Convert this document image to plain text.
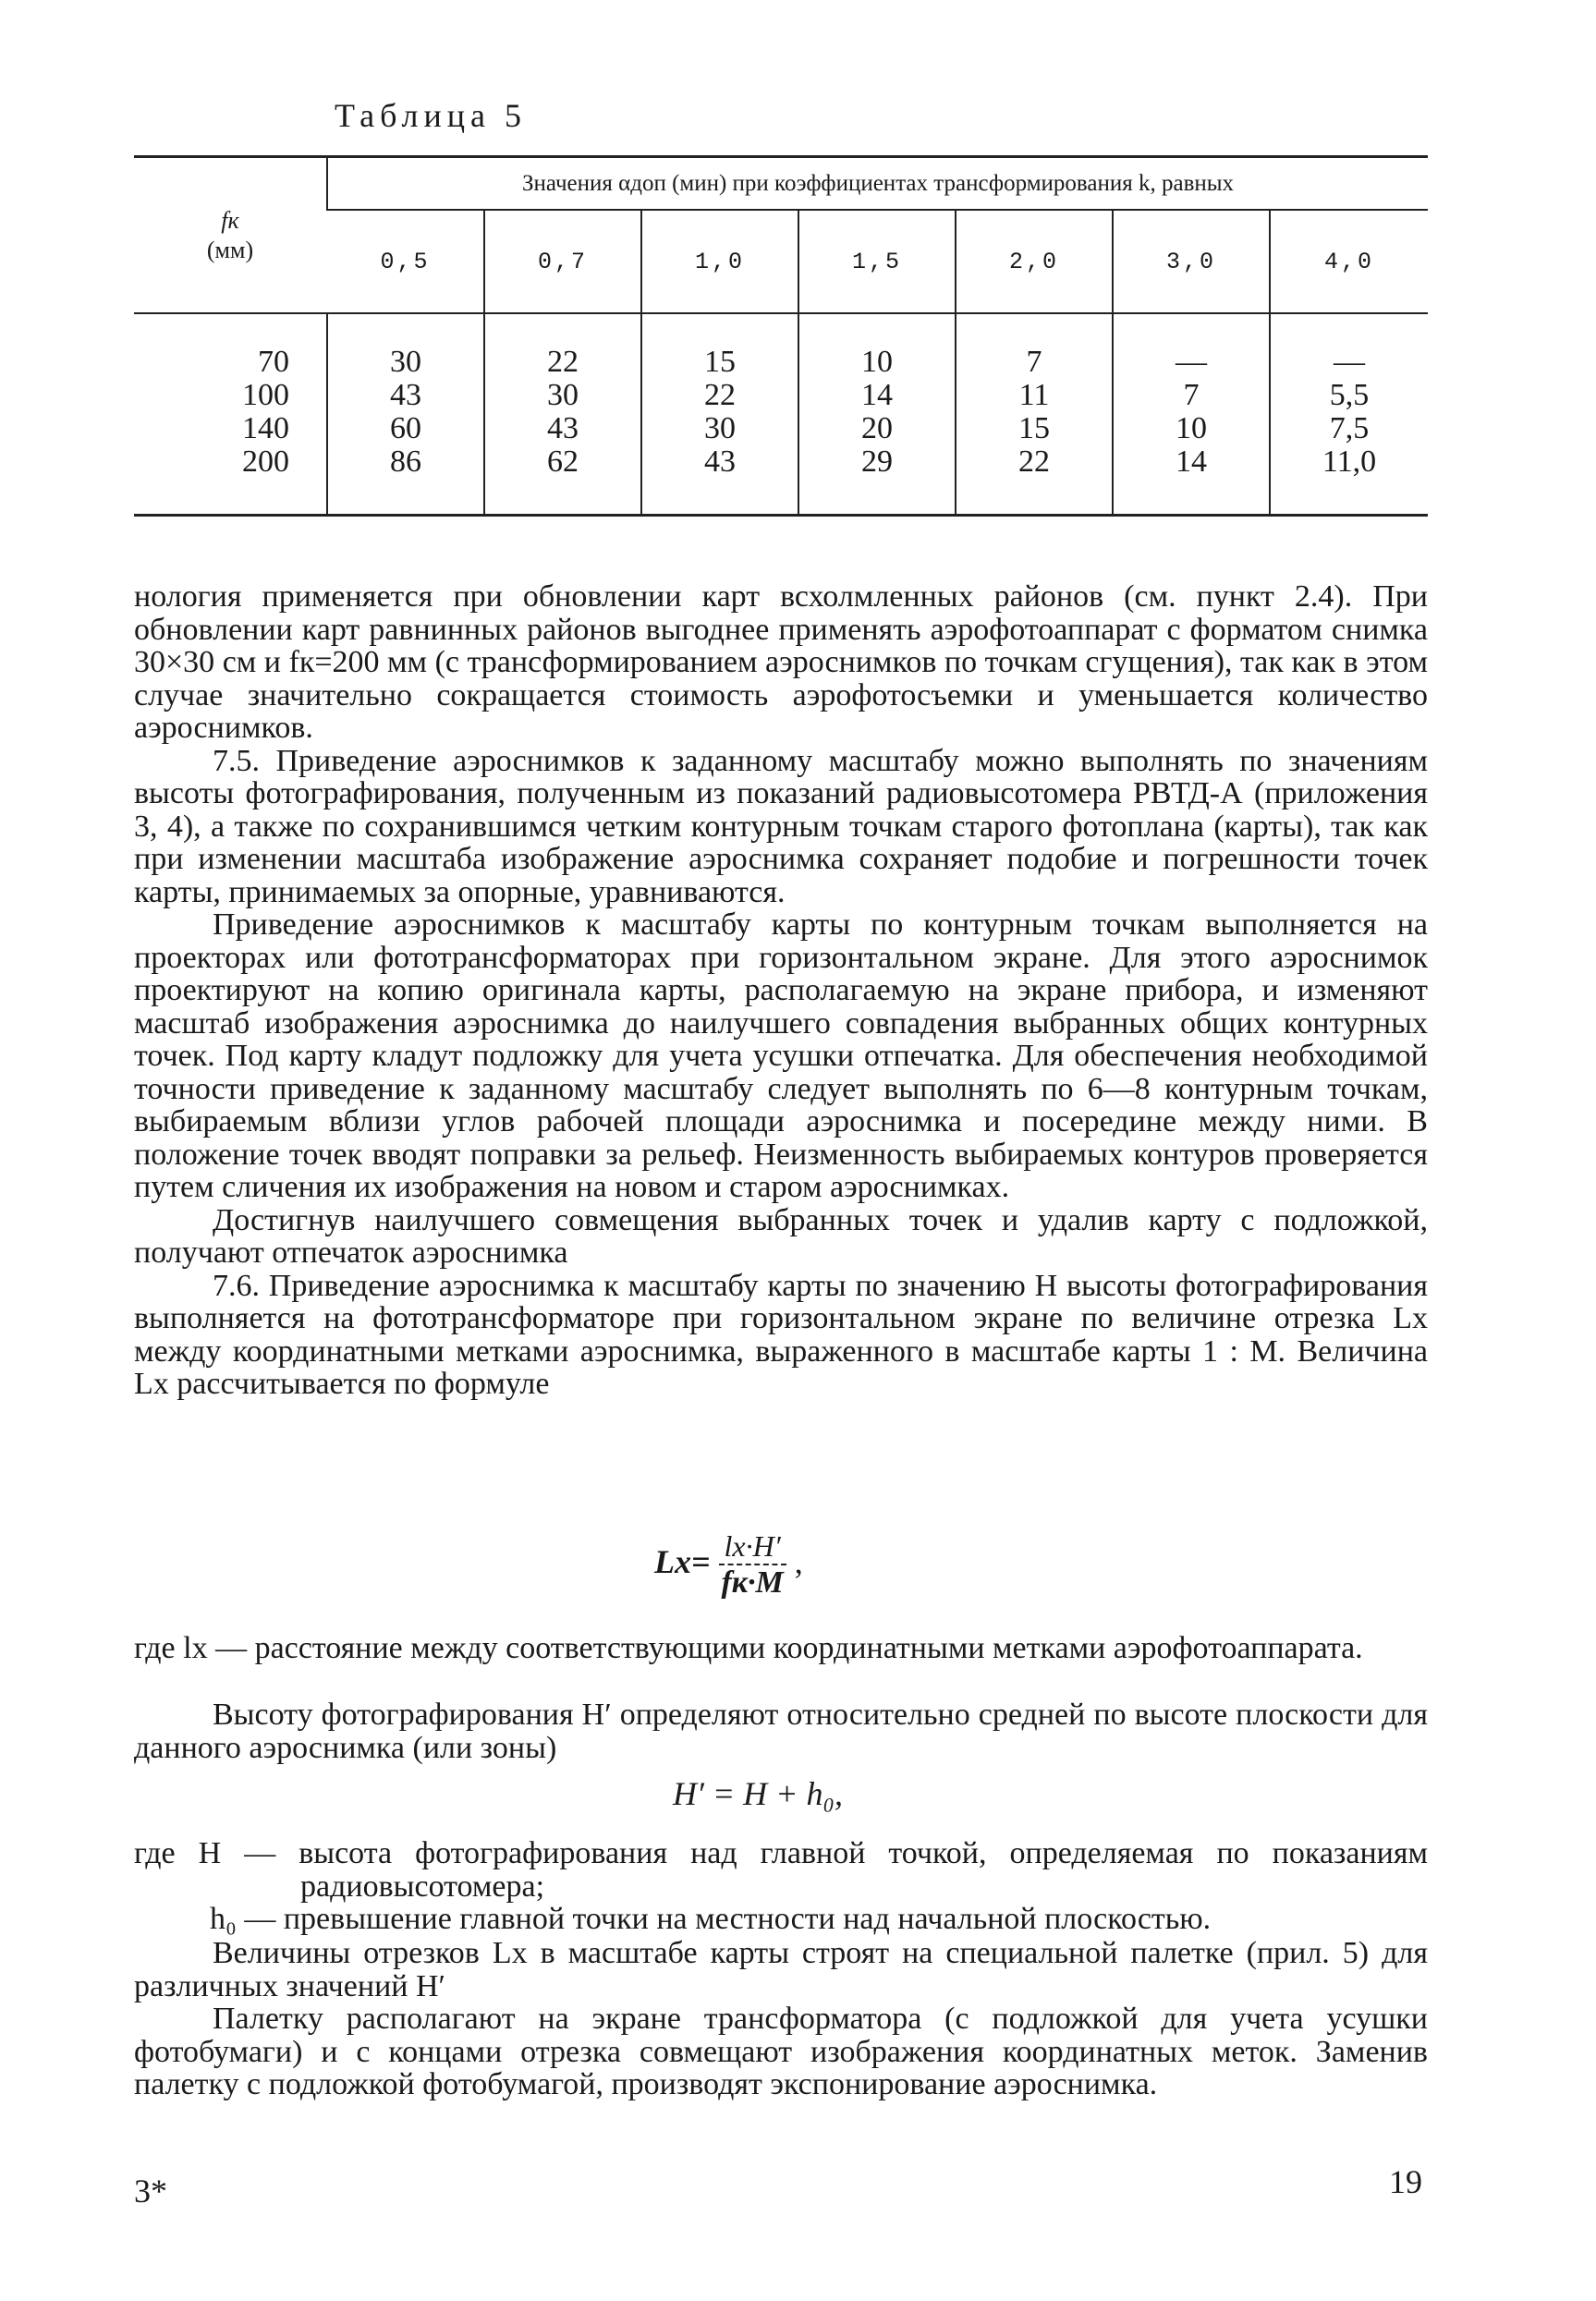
Таблица 5
fк
(мм)	Значения αдоп (мин) при коэффициентах трансформирования k, равных						
	0,5	0,7	1,0	1,5	2,0	3,0	4,0
70	30	22	15	10	7	—	—
100	43	30	22	14	11	7	5,5
140	60	43	30	20	15	10	7,5
200	86	62	43	29	22	14	11,0

нология применяется при обновлении карт всхолмленных районов (см. пункт 2.4). При обновлении карт равнинных районов выгоднее применять аэрофотоаппарат с форматом снимка 30×30 см и fк=200 мм (с трансформированием аэроснимков по точкам сгущения), так как в этом случае значительно сокращается стоимость аэрофотосъемки и уменьшается количество аэроснимков.

7.5. Приведение аэроснимков к заданному масштабу можно выполнять по значениям высоты фотографирования, полученным из показаний радиовысотомера РВТД-А (приложения 3, 4), а также по сохранившимся четким контурным точкам старого фотоплана (карты), так как при изменении масштаба изображение аэроснимка сохраняет подобие и погрешности точек карты, принимаемых за опорные, уравниваются.

Приведение аэроснимков к масштабу карты по контурным точкам выполняется на проекторах или фототрансформаторах при горизонтальном экране. Для этого аэроснимок проектируют на копию оригинала карты, располагаемую на экране прибора, и изменяют масштаб изображения аэроснимка до наилучшего совпадения выбранных общих контурных точек. Под карту кладут подложку для учета усушки отпечатка. Для обеспечения необходимой точности приведение к заданному масштабу следует выполнять по 6—8 контурным точкам, выбираемым вблизи углов рабочей площади аэроснимка и посередине между ними. В положение точек вводят поправки за рельеф. Неизменность выбираемых контуров проверяется путем сличения их изображения на новом и старом аэроснимках.

Достигнув наилучшего совмещения выбранных точек и удалив карту с подложкой, получают отпечаток аэроснимка

7.6. Приведение аэроснимка к масштабу карты по значению H высоты фотографирования выполняется на фототрансформаторе при горизонтальном экране по величине отрезка Lx между координатными метками аэроснимка, выраженного в масштабе карты 1 : M. Величина Lx рассчитывается по формуле

$Lx= \frac{lx\cdot H'}{fк\cdot M}$ ,
где lx — расстояние между соответствующими координатными метками аэрофотоаппарата.

Высоту фотографирования H′ определяют относительно средней по высоте плоскости для данного аэроснимка (или зоны)

H′ = H + h₀,
где H — высота фотографирования над главной точкой, определяемая по показаниям радиовысотомера;
h₀ — превышение главной точки на местности над начальной плоскостью.

Величины отрезков Lx в масштабе карты строят на специальной палетке (прил. 5) для различных значений H′

Палетку располагают на экране трансформатора (с подложкой для учета усушки фотобумаги) и с концами отрезка совмещают изображения координатных меток. Заменив палетку с подложкой фотобумагой, производят экспонирование аэроснимка.

3*	19
